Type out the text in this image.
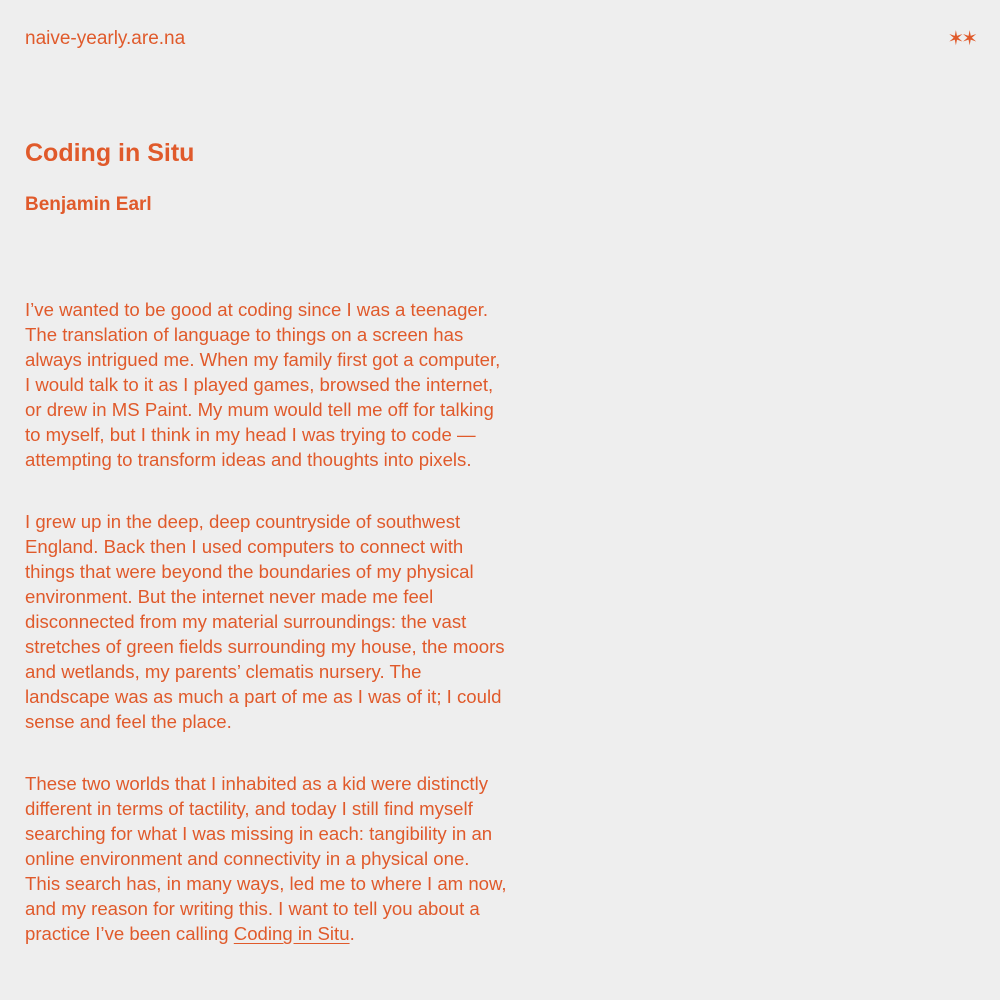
naive-yearly.are.na	✶✶
Coding in Situ
Benjamin Earl

I’ve wanted to be good at coding since I was a teenager. The translation of language to things on a screen has always intrigued me. When my family first got a computer, I would talk to it as I played games, browsed the internet, or drew in MS Paint. My mum would tell me off for talking to myself, but I think in my head I was trying to code — attempting to transform ideas and thoughts into pixels.

I grew up in the deep, deep countryside of southwest England. Back then I used computers to connect with things that were beyond the boundaries of my physical environment. But the internet never made me feel disconnected from my material surroundings: the vast stretches of green fields surrounding my house, the moors and wetlands, my parents’ clematis nursery. The landscape was as much a part of me as I was of it; I could sense and feel the place.

These two worlds that I inhabited as a kid were distinctly different in terms of tactility, and today I still find myself searching for what I was missing in each: tangibility in an online environment and connectivity in a physical one. This search has, in many ways, led me to where I am now, and my reason for writing this. I want to tell you about a practice I’ve been calling Coding in Situ.
